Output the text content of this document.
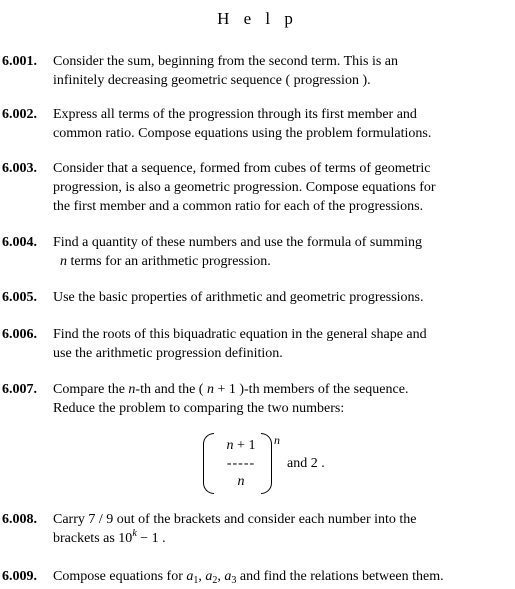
H e l p
6.001. Consider the sum, beginning from the second term. This is an
infinitely decreasing geometric sequence ( progression ).
6.002. Express all terms of the progression through its first member and
common ratio. Compose equations using the problem formulations.
6.003. Consider that a sequence, formed from cubes of terms of geometric
progression, is also a geometric progression. Compose equations for
the first member and a common ratio for each of the progressions.
6.004. Find a quantity of these numbers and use the formula of summing
n terms for an arithmetic progression.
6.005. Use the basic properties of arithmetic and geometric progressions.
6.006. Find the roots of this biquadratic equation in the general shape and
use the arithmetic progression definition.
6.007. Compare the n-th and the ( n + 1 )-th members of the sequence.
Reduce the problem to comparing the two numbers:
n + 1
-----
n
n
and 2 .
6.008. Carry 7 / 9 out of the brackets and consider each number into the
brackets as $10^k - 1$ .
6.009. Compose equations for $a_1$, $a_2$, $a_3$ and find the relations between them.
